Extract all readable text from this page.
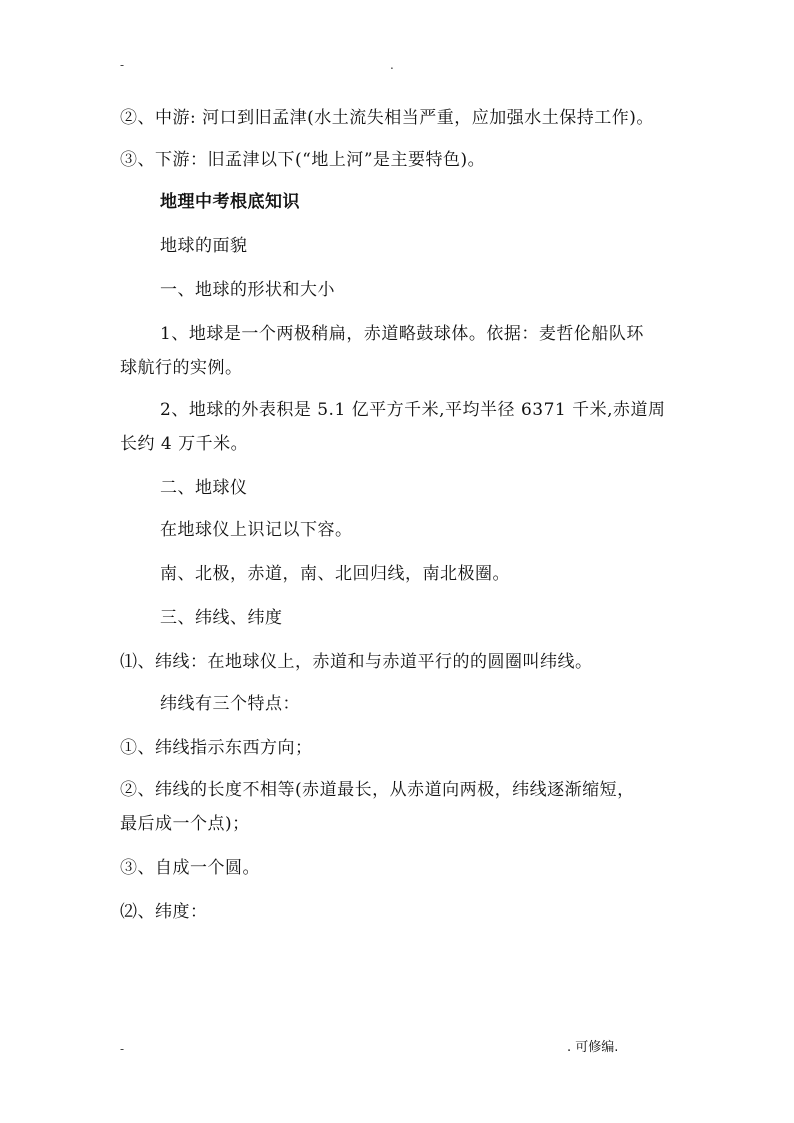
-	.
②、中游: 河口到旧孟津(水土流失相当严重，应加强水土保持工作)。
③、下游：旧孟津以下(“地上河”是主要特色)。
地理中考根底知识
地球的面貌
一、地球的形状和大小
1、地球是一个两极稍扁，赤道略鼓球体。依据：麦哲伦船队环
球航行的实例。
2、地球的外表积是 5.1 亿平方千米,平均半径 6371 千米,赤道周
长约 4 万千米。
二、地球仪
在地球仪上识记以下容。
南、北极，赤道，南、北回归线，南北极圈。
三、纬线、纬度
⑴、纬线：在地球仪上，赤道和与赤道平行的的圆圈叫纬线。
纬线有三个特点：
①、纬线指示东西方向；
②、纬线的长度不相等(赤道最长，从赤道向两极，纬线逐渐缩短，
最后成一个点)；
③、自成一个圆。
⑵、纬度：
-	. 可修编.
